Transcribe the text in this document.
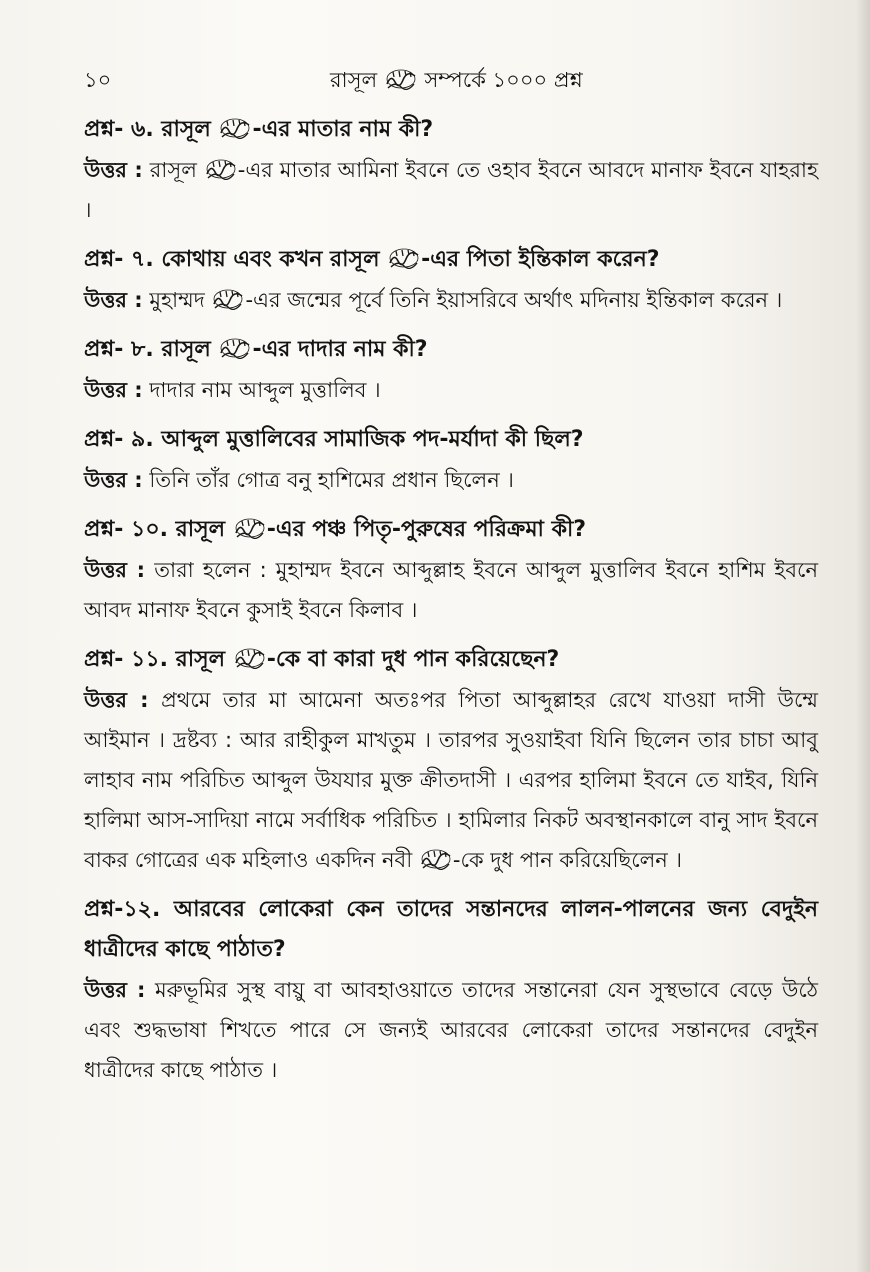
১০	রাসূল সম্পর্কে ১০০০ প্রশ্ন

প্রশ্ন- ৬. রাসূল -এর মাতার নাম কী?

উত্তর : রাসূল -এর মাতার আমিনা ইবনে তে ওহাব ইবনে আবদে মানাফ ইবনে যাহরাহ ।

প্রশ্ন- ৭. কোথায় এবং কখন রাসূল -এর পিতা ইন্তিকাল করেন?

উত্তর : মুহাম্মদ -এর জন্মের পূর্বে তিনি ইয়াসরিবে অর্থাৎ মদিনায় ইন্তিকাল করেন ।

প্রশ্ন- ৮. রাসূল -এর দাদার নাম কী?

উত্তর : দাদার নাম আব্দুল মুত্তালিব ।

প্রশ্ন- ৯. আব্দুল মুত্তালিবের সামাজিক পদ-মর্যাদা কী ছিল?

উত্তর : তিনি তাঁর গোত্র বনু হাশিমের প্রধান ছিলেন ।

প্রশ্ন- ১০. রাসূল -এর পঞ্চ পিতৃ-পুরুষের পরিক্রমা কী?

উত্তর : তারা হলেন : মুহাম্মদ ইবনে আব্দুল্লাহ ইবনে আব্দুল মুত্তালিব ইবনে হাশিম ইবনে আবদ মানাফ ইবনে কুসাই ইবনে কিলাব ।

প্রশ্ন- ১১. রাসূল -কে বা কারা দুধ পান করিয়েছেন?

উত্তর : প্রথমে তার মা আমেনা অতঃপর পিতা আব্দুল্লাহর রেখে যাওয়া দাসী উম্মে আইমান । দ্রষ্টব্য : আর রাহীকুল মাখতুম । তারপর সুওয়াইবা যিনি ছিলেন তার চাচা আবু লাহাব নাম পরিচিত আব্দুল উযযার মুক্ত ক্রীতদাসী । এরপর হালিমা ইবনে তে যাইব, যিনি হালিমা আস-সাদিয়া নামে সর্বাধিক পরিচিত । হামিলার নিকট অবস্থানকালে বানু সাদ ইবনে বাকর গোত্রের এক মহিলাও একদিন নবী -কে দুধ পান করিয়েছিলেন ।

প্রশ্ন-১২. আরবের লোকেরা কেন তাদের সন্তানদের লালন-পালনের জন্য বেদুইন ধাত্রীদের কাছে পাঠাত?

উত্তর : মরুভূমির সুস্থ বায়ু বা আবহাওয়াতে তাদের সন্তানেরা যেন সুস্থভাবে বেড়ে উঠে এবং শুদ্ধভাষা শিখতে পারে সে জন্যই আরবের লোকেরা তাদের সন্তানদের বেদুইন ধাত্রীদের কাছে পাঠাত ।
